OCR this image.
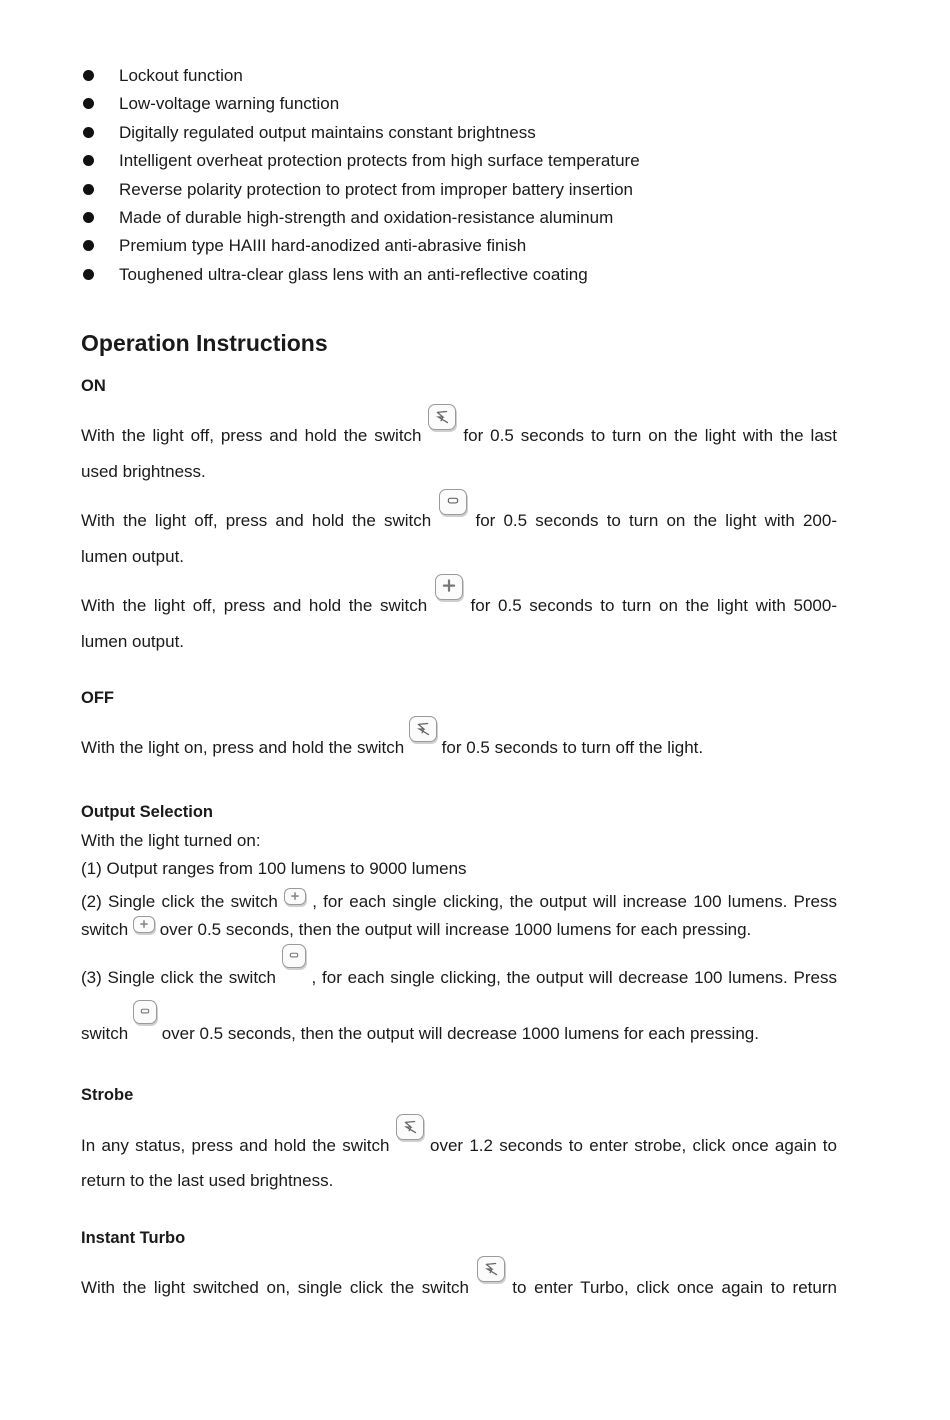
Lockout function
Low-voltage warning function
Digitally regulated output maintains constant brightness
Intelligent overheat protection protects from high surface temperature
Reverse polarity protection to protect from improper battery insertion
Made of durable high-strength and oxidation-resistance aluminum
Premium type HAIII hard-anodized anti-abrasive finish
Toughened ultra-clear glass lens with an anti-reflective coating
Operation Instructions
ON
With the light off, press and hold the switch for 0.5 seconds to turn on the light with the last
used brightness.
With the light off, press and hold the switch	for 0.5 seconds to turn on the light with 200-
lumen output.
With the light off, press and hold the switch	for 0.5 seconds to turn on the light with 5000-
lumen output.
OFF
With the light on, press and hold the switch for 0.5 seconds to turn off the light.
Output Selection
With the light turned on:
(1) Output ranges from 100 lumens to 9000 lumens
(2) Single click the switch , for each single clicking, the output will increase 100 lumens. Press
switch over 0.5 seconds, then the output will increase 1000 lumens for each pressing.
(3) Single click the switch , for each single clicking, the output will decrease 100 lumens. Press
switch over 0.5 seconds, then the output will decrease 1000 lumens for each pressing.
Strobe
In any status, press and hold the switch over 1.2 seconds to enter strobe, click once again to
return to the last used brightness.
Instant Turbo
With the light switched on, single click the switch	to enter Turbo, click once again to return
